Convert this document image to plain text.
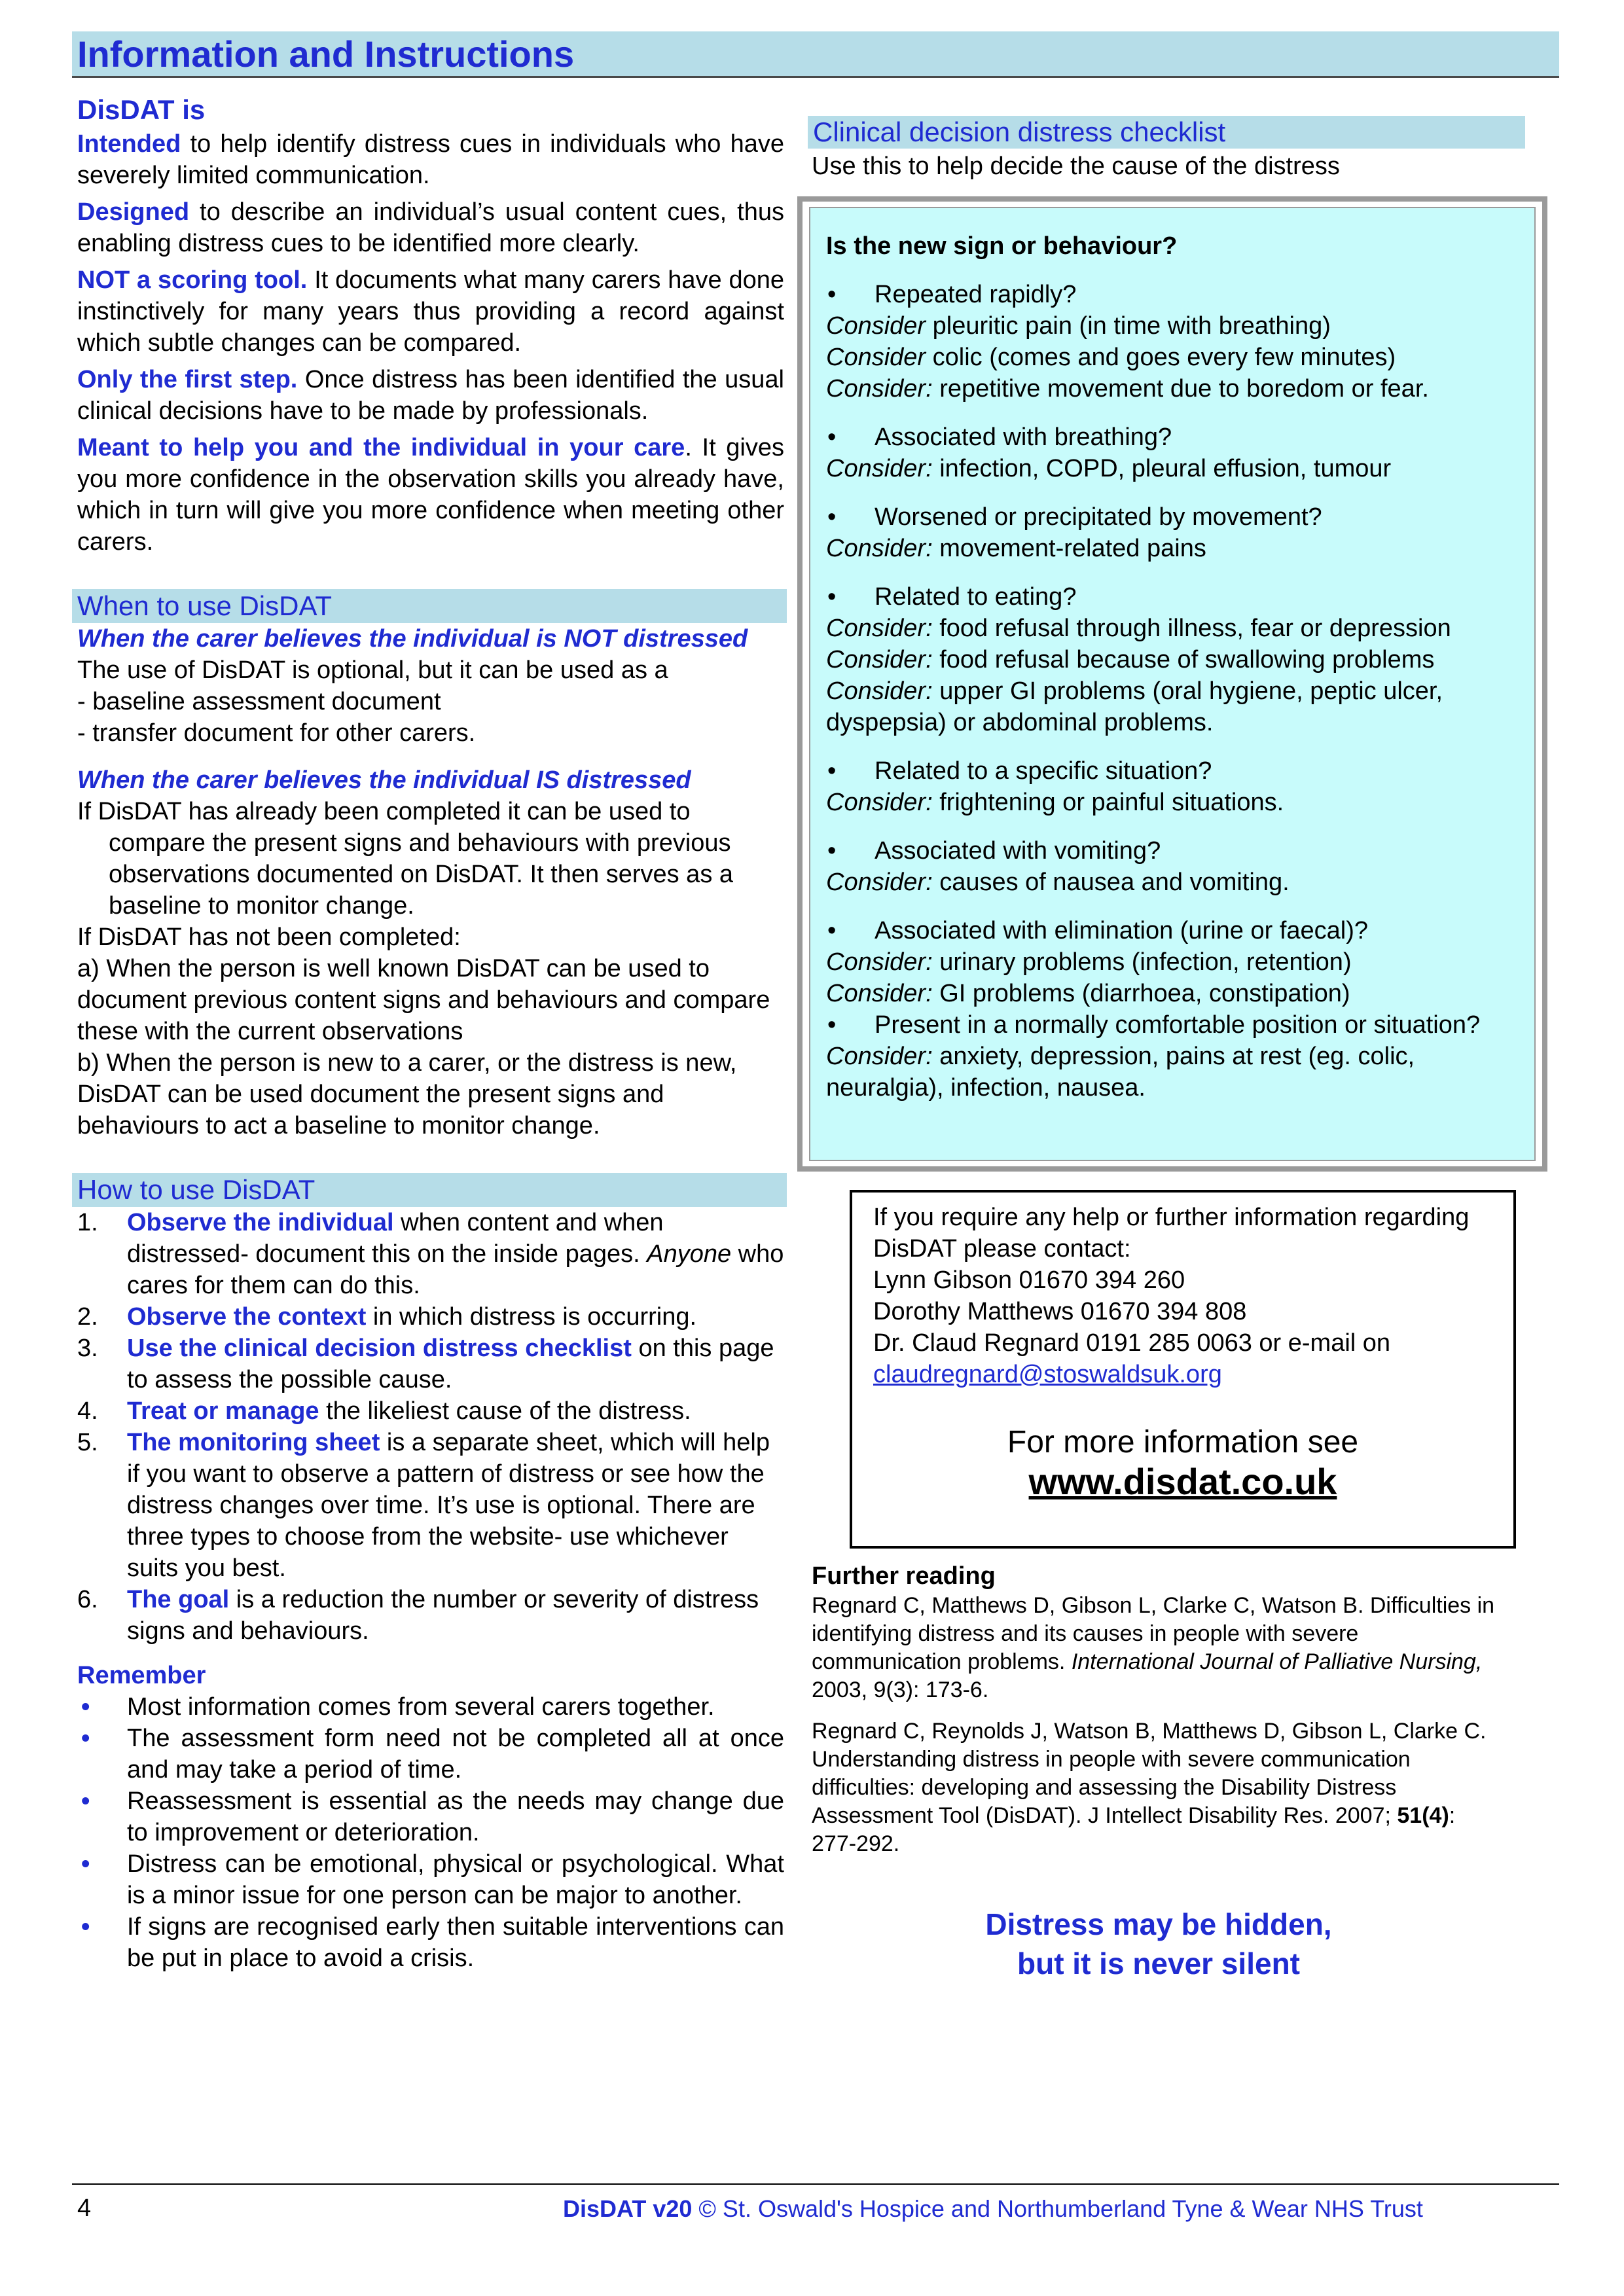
Information and Instructions
DisDAT is

Intended to help identify distress cues in individuals who have severely limited communication.

Designed to describe an individual’s usual content cues, thus enabling distress cues to be identified more clearly.

NOT a scoring tool. It documents what many carers have done instinctively for many years thus providing a record against which subtle changes can be compared.

Only the first step. Once distress has been identified the usual clinical decisions have to be made by professionals.

Meant to help you and the individual in your care. It gives you more confidence in the observation skills you already have, which in turn will give you more confidence when meeting other carers.

When to use DisDAT
When the carer believes the individual is NOT distressed
The use of DisDAT is optional, but it can be used as a
- baseline assessment document
- transfer document for other carers.
When the carer believes the individual IS distressed
If DisDAT has already been completed it can be used to
compare the present signs and behaviours with previous observations documented on DisDAT. It then serves as a baseline to monitor change.
If DisDAT has not been completed:
a) When the person is well known DisDAT can be used to document previous content signs and behaviours and compare these with the current observations
b) When the person is new to a carer, or the distress is new, DisDAT can be used document the present signs and behaviours to act a baseline to monitor change.
How to use DisDAT
1. Observe the individual when content and when distressed- document this on the inside pages. Anyone who cares for them can do this.
2. Observe the context in which distress is occurring.
3. Use the clinical decision distress checklist on this page to assess the possible cause.
4. Treat or manage the likeliest cause of the distress.
5. The monitoring sheet is a separate sheet, which will help if you want to observe a pattern of distress or see how the distress changes over time. It’s use is optional. There are three types to choose from the website- use whichever suits you best.
6. The goal is a reduction the number or severity of distress signs and behaviours.
Remember
• Most information comes from several carers together.
• The assessment form need not be completed all at once and may take a period of time.
• Reassessment is essential as the needs may change due to improvement or deterioration.
• Distress can be emotional, physical or psychological. What is a minor issue for one person can be major to another.
• If signs are recognised early then suitable interventions can be put in place to avoid a crisis.
Clinical decision distress checklist
Use this to help decide the cause of the distress
Is the new sign or behaviour?
• Repeated rapidly?
Consider pleuritic pain (in time with breathing)
Consider colic (comes and goes every few minutes)
Consider: repetitive movement due to boredom or fear.
• Associated with breathing?
Consider: infection, COPD, pleural effusion, tumour
• Worsened or precipitated by movement?
Consider: movement-related pains
• Related to eating?
Consider: food refusal through illness, fear or depression
Consider: food refusal because of swallowing problems
Consider: upper GI problems (oral hygiene, peptic ulcer, dyspepsia) or abdominal problems.
• Related to a specific situation?
Consider: frightening or painful situations.
• Associated with vomiting?
Consider: causes of nausea and vomiting.
• Associated with elimination (urine or faecal)?
Consider: urinary problems (infection, retention)
Consider: GI problems (diarrhoea, constipation)
• Present in a normally comfortable position or situation?
Consider: anxiety, depression, pains at rest (eg. colic, neuralgia), infection, nausea.
If you require any help or further information regarding DisDAT please contact:
Lynn Gibson 01670 394 260
Dorothy Matthews 01670 394 808
Dr. Claud Regnard 0191 285 0063 or e-mail on
claudregnard@stoswaldsuk.org
For more information see
www.disdat.co.uk
Further reading

Regnard C, Matthews D, Gibson L, Clarke C, Watson B. Difficulties in identifying distress and its causes in people with severe communication problems. International Journal of Palliative Nursing, 2003, 9(3): 173-6.

Regnard C, Reynolds J, Watson B, Matthews D, Gibson L, Clarke C. Understanding distress in people with severe communication difficulties: developing and assessing the Disability Distress Assessment Tool (DisDAT). J Intellect Disability Res. 2007; 51(4): 277-292.

Distress may be hidden,
but it is never silent
4	DisDAT v20 © St. Oswald's Hospice and Northumberland Tyne & Wear NHS Trust
